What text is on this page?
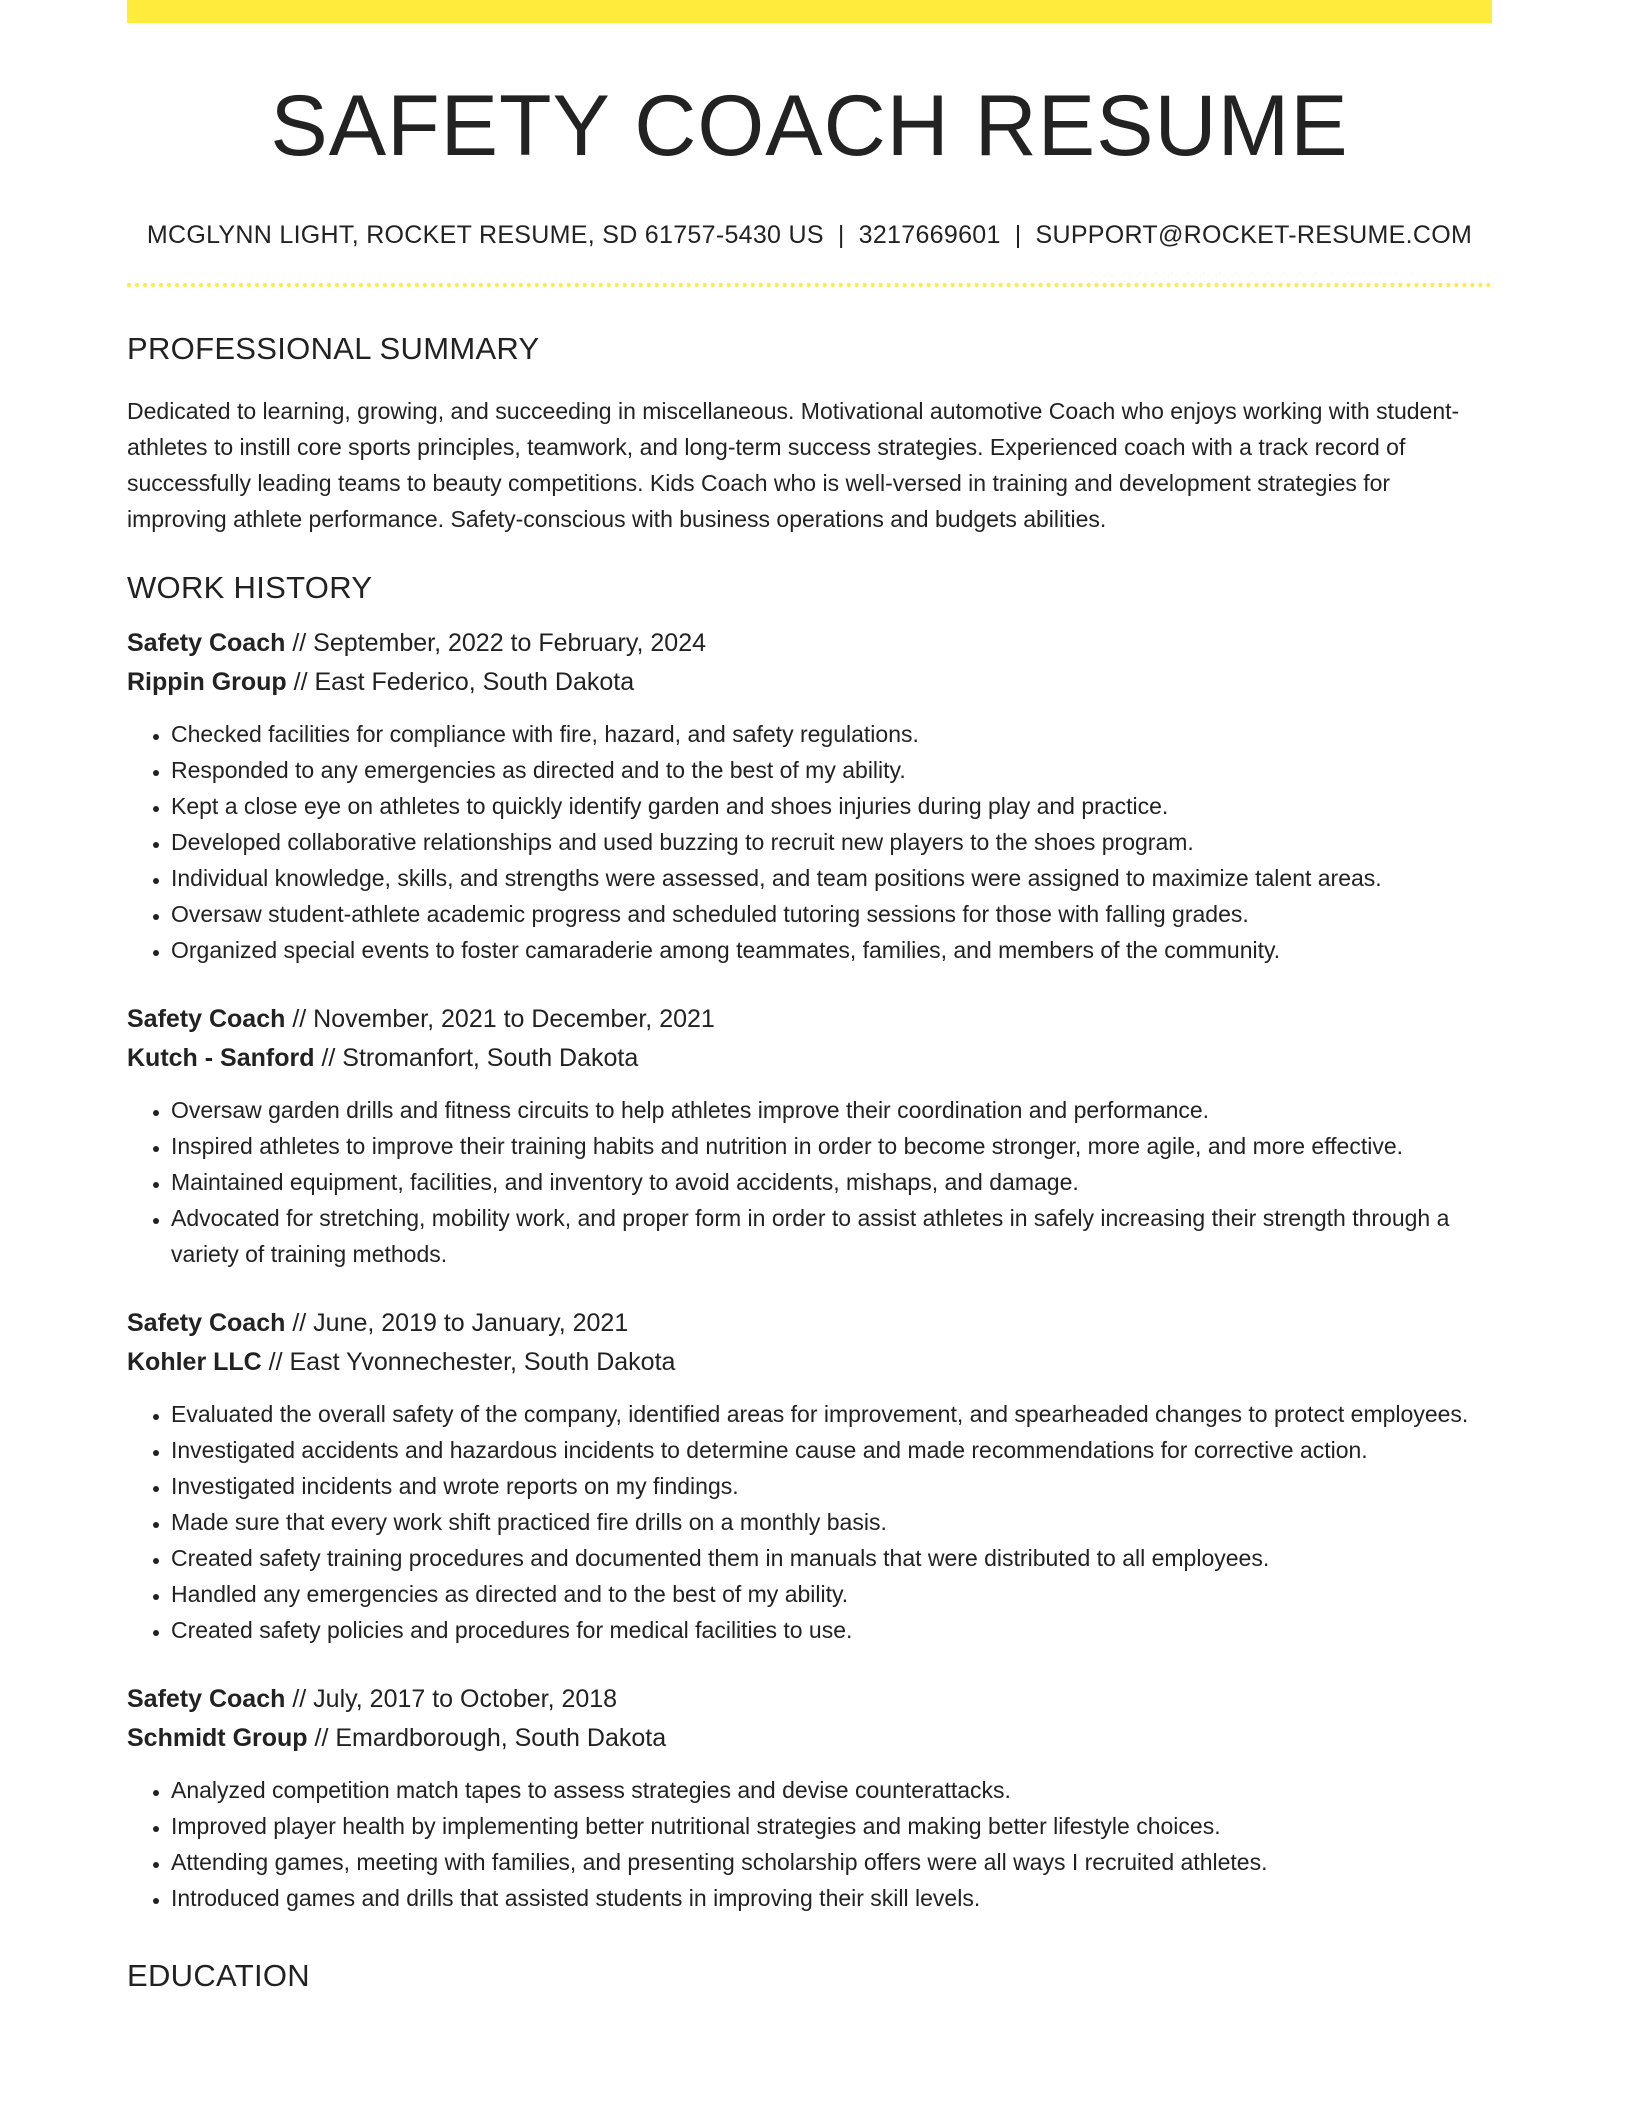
SAFETY COACH RESUME
MCGLYNN LIGHT, ROCKET RESUME, SD 61757-5430 US | 3217669601 | SUPPORT@ROCKET-RESUME.COM
PROFESSIONAL SUMMARY
Dedicated to learning, growing, and succeeding in miscellaneous. Motivational automotive Coach who enjoys working with student-athletes to instill core sports principles, teamwork, and long-term success strategies. Experienced coach with a track record of successfully leading teams to beauty competitions. Kids Coach who is well-versed in training and development strategies for improving athlete performance. Safety-conscious with business operations and budgets abilities.
WORK HISTORY
Safety Coach // September, 2022 to February, 2024
Rippin Group // East Federico, South Dakota
• Checked facilities for compliance with fire, hazard, and safety regulations.
• Responded to any emergencies as directed and to the best of my ability.
• Kept a close eye on athletes to quickly identify garden and shoes injuries during play and practice.
• Developed collaborative relationships and used buzzing to recruit new players to the shoes program.
• Individual knowledge, skills, and strengths were assessed, and team positions were assigned to maximize talent areas.
• Oversaw student-athlete academic progress and scheduled tutoring sessions for those with falling grades.
• Organized special events to foster camaraderie among teammates, families, and members of the community.
Safety Coach // November, 2021 to December, 2021
Kutch - Sanford // Stromanfort, South Dakota
• Oversaw garden drills and fitness circuits to help athletes improve their coordination and performance.
• Inspired athletes to improve their training habits and nutrition in order to become stronger, more agile, and more effective.
• Maintained equipment, facilities, and inventory to avoid accidents, mishaps, and damage.
• Advocated for stretching, mobility work, and proper form in order to assist athletes in safely increasing their strength through a variety of training methods.
Safety Coach // June, 2019 to January, 2021
Kohler LLC // East Yvonnechester, South Dakota
• Evaluated the overall safety of the company, identified areas for improvement, and spearheaded changes to protect employees.
• Investigated accidents and hazardous incidents to determine cause and made recommendations for corrective action.
• Investigated incidents and wrote reports on my findings.
• Made sure that every work shift practiced fire drills on a monthly basis.
• Created safety training procedures and documented them in manuals that were distributed to all employees.
• Handled any emergencies as directed and to the best of my ability.
• Created safety policies and procedures for medical facilities to use.
Safety Coach // July, 2017 to October, 2018
Schmidt Group // Emardborough, South Dakota
• Analyzed competition match tapes to assess strategies and devise counterattacks.
• Improved player health by implementing better nutritional strategies and making better lifestyle choices.
• Attending games, meeting with families, and presenting scholarship offers were all ways I recruited athletes.
• Introduced games and drills that assisted students in improving their skill levels.
EDUCATION
